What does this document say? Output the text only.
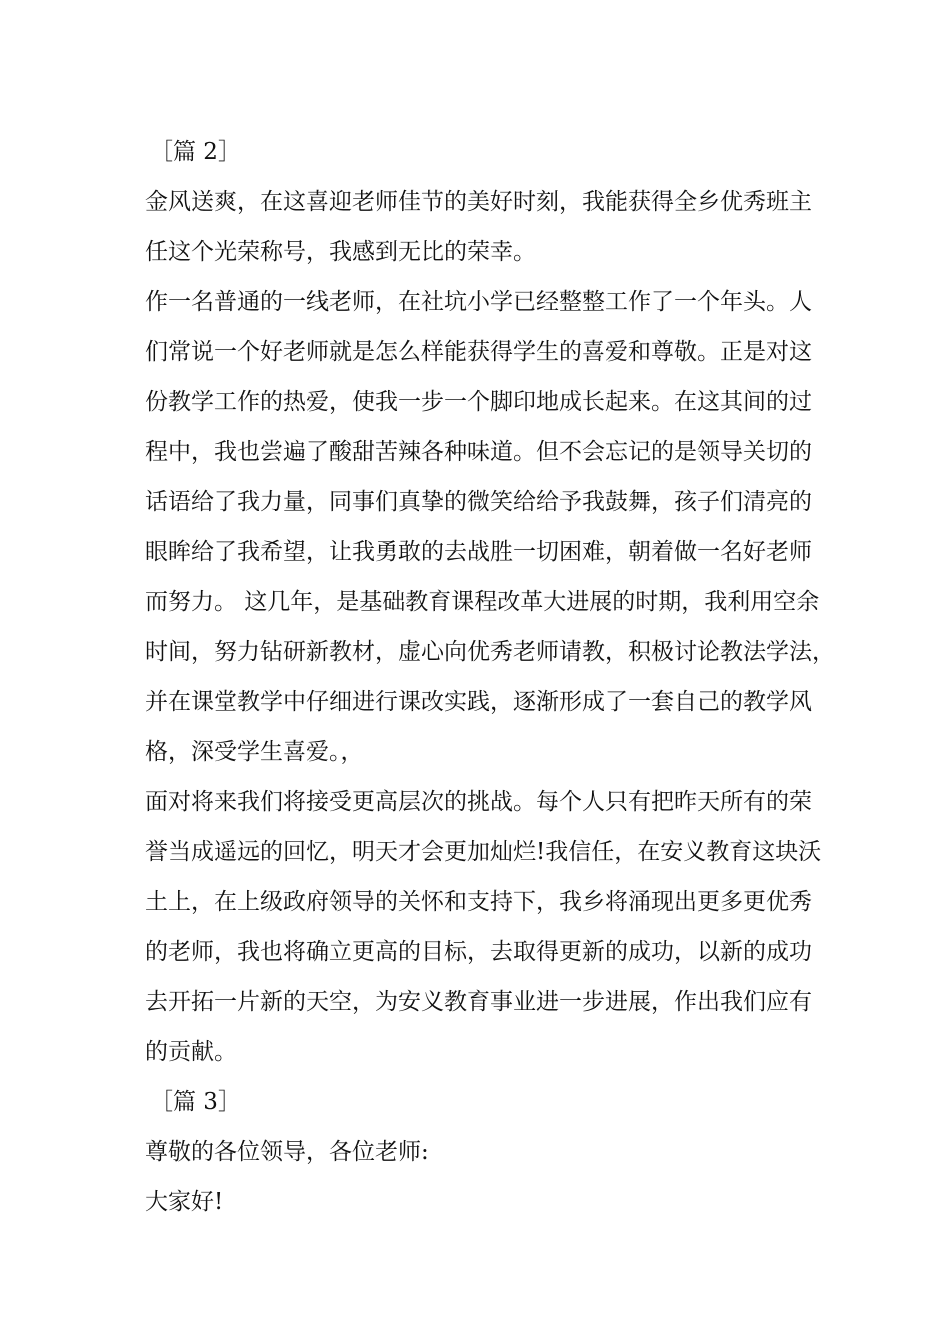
［篇 2］
金风送爽，在这喜迎老师佳节的美好时刻，我能获得全乡优秀班主
任这个光荣称号，我感到无比的荣幸。
作一名普通的一线老师，在社坑小学已经整整工作了一个年头。人
们常说一个好老师就是怎么样能获得学生的喜爱和尊敬。正是对这
份教学工作的热爱，使我一步一个脚印地成长起来。在这其间的过
程中，我也尝遍了酸甜苦辣各种味道。但不会忘记的是领导关切的
话语给了我力量，同事们真挚的微笑给给予我鼓舞，孩子们清亮的
眼眸给了我希望，让我勇敢的去战胜一切困难，朝着做一名好老师
而努力。 这几年，是基础教育课程改革大进展的时期，我利用空余
时间，努力钻研新教材，虚心向优秀老师请教，积极讨论教法学法，
并在课堂教学中仔细进行课改实践，逐渐形成了一套自己的教学风
格，深受学生喜爱。，
面对将来我们将接受更高层次的挑战。每个人只有把昨天所有的荣
誉当成遥远的回忆，明天才会更加灿烂!我信任，在安义教育这块沃
土上，在上级政府领导的关怀和支持下，我乡将涌现出更多更优秀
的老师，我也将确立更高的目标，去取得更新的成功，以新的成功
去开拓一片新的天空，为安义教育事业进一步进展，作出我们应有
的贡献。
［篇 3］
尊敬的各位领导，各位老师:
大家好!
